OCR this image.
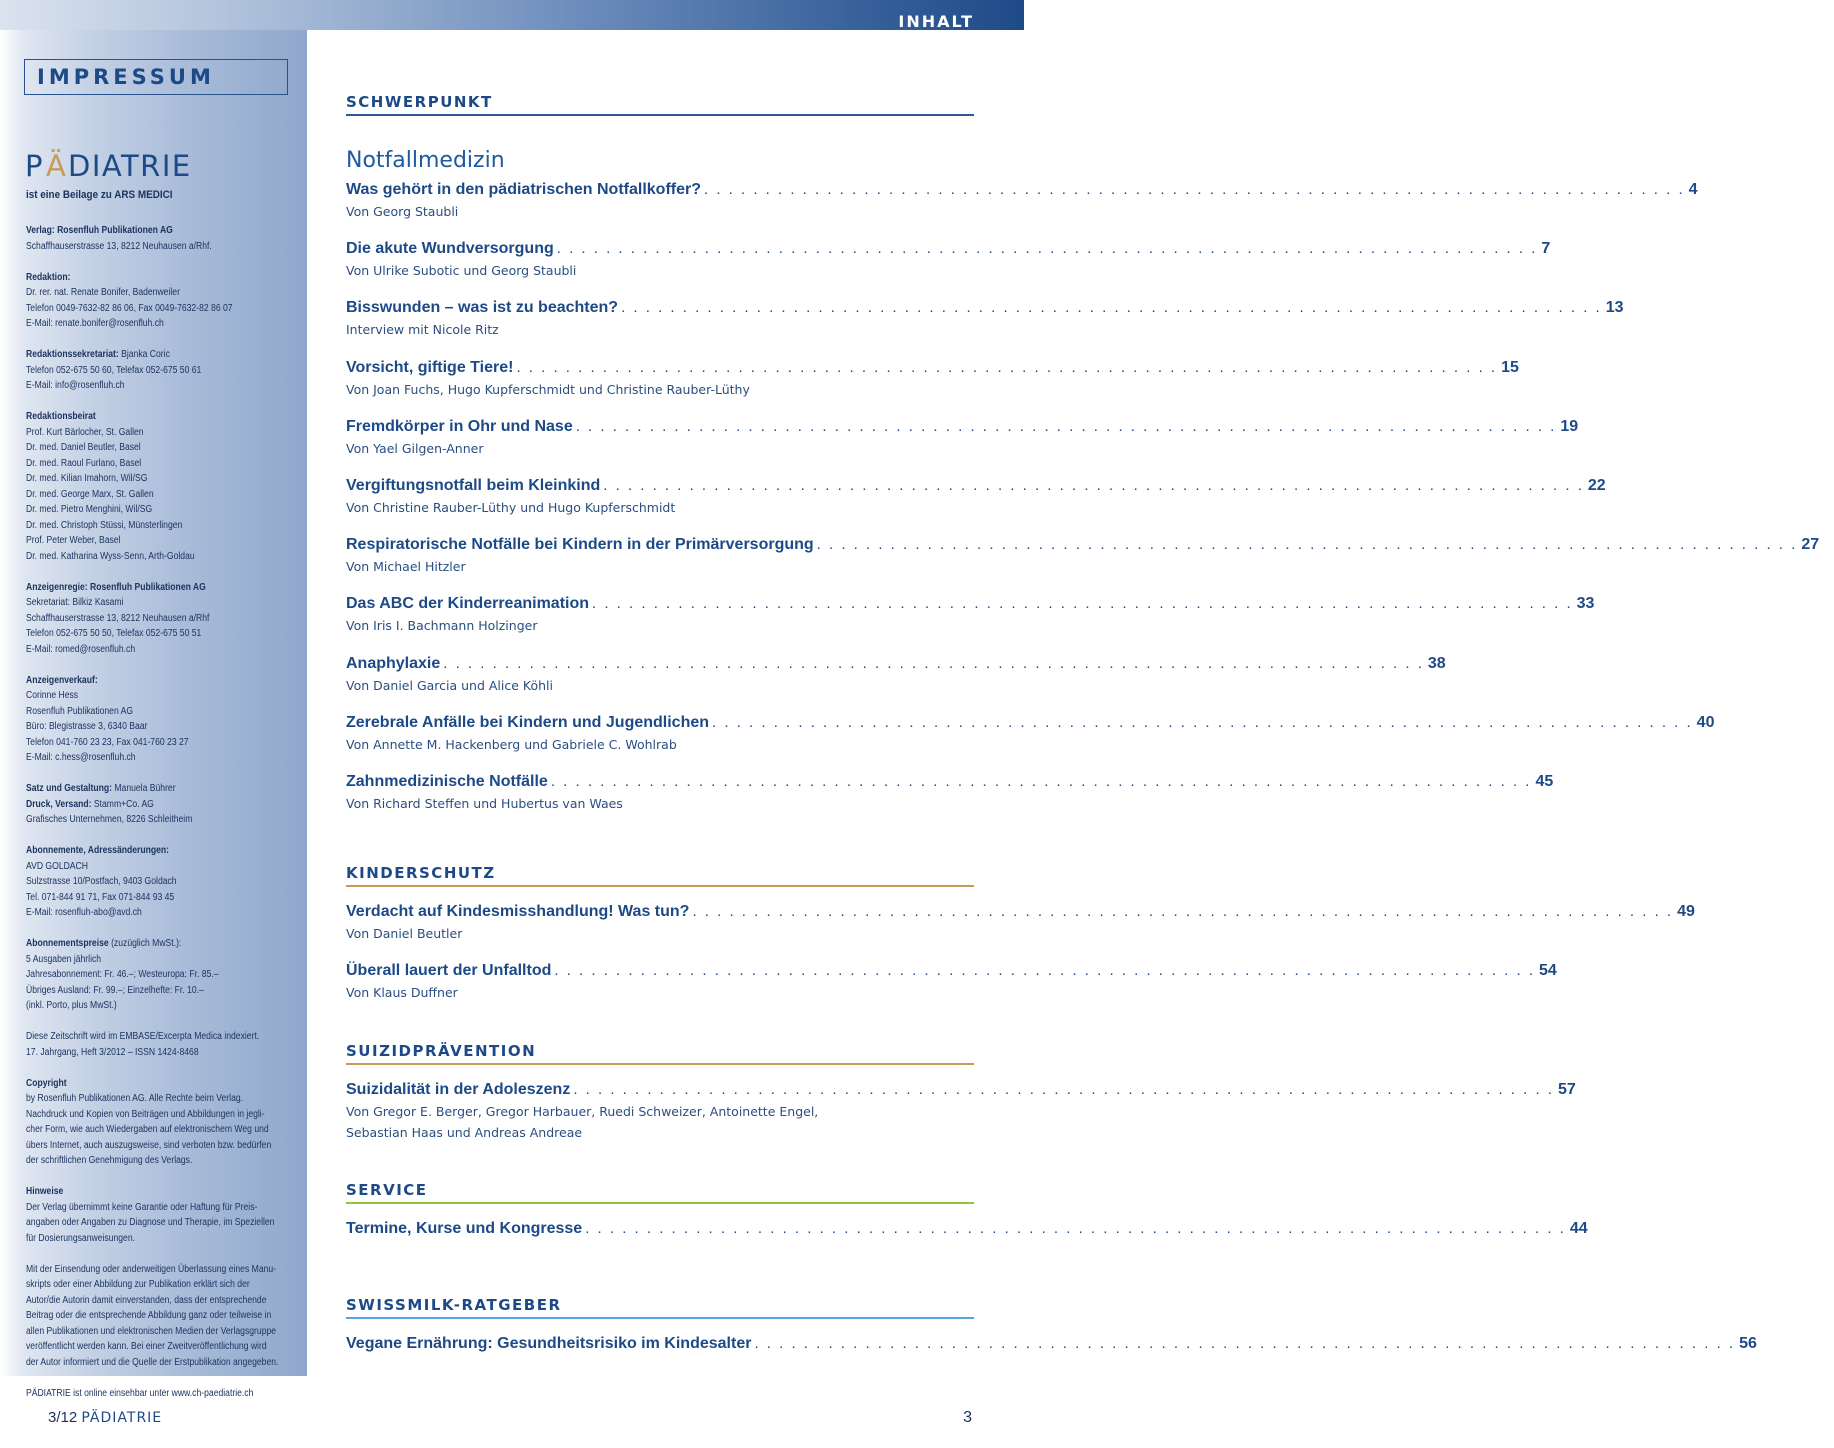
INHALT
IMPRESSUM
P Ä DIATRIE
ist eine Beilage zu ARS MEDICI
Verlag: Rosenfluh Publikationen AG
Schaffhauserstrasse 13, 8212 Neuhausen a/Rhf.
Redaktion:
Dr. rer. nat. Renate Bonifer, Badenweiler
Telefon 0049-7632-82 86 06, Fax 0049-7632-82 86 07
E-Mail: renate.bonifer@rosenfluh.ch
Redaktionssekretariat: Bjanka Coric
Telefon 052-675 50 60, Telefax 052-675 50 61
E-Mail: info@rosenfluh.ch
Redaktionsbeirat
Prof. Kurt Bärlocher, St. Gallen
Dr. med. Daniel Beutler, Basel
Dr. med. Raoul Furlano, Basel
Dr. med. Kilian Imahorn, Wil/SG
Dr. med. George Marx, St. Gallen
Dr. med. Pietro Menghini, Wil/SG
Dr. med. Christoph Stüssi, Münsterlingen
Prof. Peter Weber, Basel
Dr. med. Katharina Wyss-Senn, Arth-Goldau
Anzeigenregie: Rosenfluh Publikationen AG
Sekretariat: Bilkiz Kasami
Schaffhauserstrasse 13, 8212 Neuhausen a/Rhf
Telefon 052-675 50 50, Telefax 052-675 50 51
E-Mail: romed@rosenfluh.ch
Anzeigenverkauf:
Corinne Hess
Rosenfluh Publikationen AG
Büro: Blegistrasse 3, 6340 Baar
Telefon 041-760 23 23, Fax 041-760 23 27
E-Mail: c.hess@rosenfluh.ch
Satz und Gestaltung: Manuela Bührer
Druck, Versand: Stamm+Co. AG
Grafisches Unternehmen, 8226 Schleitheim
Abonnemente, Adressänderungen:
AVD GOLDACH
Sulzstrasse 10/Postfach, 9403 Goldach
Tel. 071-844 91 71, Fax 071-844 93 45
E-Mail: rosenfluh-abo@avd.ch
Abonnementspreise (zuzüglich MwSt.):
5 Ausgaben jährlich
Jahresabonnement: Fr. 46.–; Westeuropa: Fr. 85.–
Übriges Ausland: Fr. 99.–; Einzelhefte: Fr. 10.–
(inkl. Porto, plus MwSt.)
Diese Zeitschrift wird im EMBASE/Excerpta Medica indexiert.
17. Jahrgang, Heft 3/2012 – ISSN 1424-8468
Copyright
by Rosenfluh Publikationen AG. Alle Rechte beim Verlag.
Nachdruck und Kopien von Beiträgen und Abbildungen in jegli-
cher Form, wie auch Wiedergaben auf elektronischem Weg und
übers Internet, auch auszugsweise, sind verboten bzw. bedürfen
der schriftlichen Genehmigung des Verlags.
Hinweise
Der Verlag übernimmt keine Garantie oder Haftung für Preis-
angaben oder Angaben zu Diagnose und Therapie, im Speziellen
für Dosierungsanweisungen.
Mit der Einsendung oder anderweitigen Überlassung eines Manu-
skripts oder einer Abbildung zur Publikation erklärt sich der
Autor/die Autorin damit einverstanden, dass der entsprechende
Beitrag oder die entsprechende Abbildung ganz oder teilweise in
allen Publikationen und elektronischen Medien der Verlagsgruppe
veröffentlicht werden kann. Bei einer Zweitveröffentlichung wird
der Autor informiert und die Quelle der Erstpublikation angegeben.
PÄDIATRIE ist online einsehbar unter www.ch-paediatrie.ch
SCHWERPUNKT
Notfallmedizin
Was gehört in den pädiatrischen Notfallkoffer? . . . . . . . . . . . . . . . . . . . . . . . . . . . . . . . . . . . . . . . . . . . . . . . . . . . . . . . . . . . . . . . . . . . . . . . . . . . . . . . . 4
Von Georg Staubli
Die akute Wundversorgung . . . . . . . . . . . . . . . . . . . . . . . . . . . . . . . . . . . . . . . . . . . . . . . . . . . . . . . . . . . . . . . . . . . . . . . . . . . . . . . . 7
Von Ulrike Subotic und Georg Staubli
Bisswunden – was ist zu beachten? . . . . . . . . . . . . . . . . . . . . . . . . . . . . . . . . . . . . . . . . . . . . . . . . . . . . . . . . . . . . . . . . . . . . . . . . . . . . . . . . 13
Interview mit Nicole Ritz
Vorsicht, giftige Tiere! . . . . . . . . . . . . . . . . . . . . . . . . . . . . . . . . . . . . . . . . . . . . . . . . . . . . . . . . . . . . . . . . . . . . . . . . . . . . . . . . 15
Von Joan Fuchs, Hugo Kupferschmidt und Christine Rauber-Lüthy
Fremdkörper in Ohr und Nase . . . . . . . . . . . . . . . . . . . . . . . . . . . . . . . . . . . . . . . . . . . . . . . . . . . . . . . . . . . . . . . . . . . . . . . . . . . . . . . . 19
Von Yael Gilgen-Anner
Vergiftungsnotfall beim Kleinkind . . . . . . . . . . . . . . . . . . . . . . . . . . . . . . . . . . . . . . . . . . . . . . . . . . . . . . . . . . . . . . . . . . . . . . . . . . . . . . . . 22
Von Christine Rauber-Lüthy und Hugo Kupferschmidt
Respiratorische Notfälle bei Kindern in der Primärversorgung . . . . . . . . . . . . . . . . . . . . . . . . . . . . . . . . . . . . . . . . . . . . . . . . . . . . . . . . . . . . . . . . . . . . . . . . . . . . . . . . 27
Von Michael Hitzler
Das ABC der Kinderreanimation . . . . . . . . . . . . . . . . . . . . . . . . . . . . . . . . . . . . . . . . . . . . . . . . . . . . . . . . . . . . . . . . . . . . . . . . . . . . . . . . 33
Von Iris I. Bachmann Holzinger
Anaphylaxie . . . . . . . . . . . . . . . . . . . . . . . . . . . . . . . . . . . . . . . . . . . . . . . . . . . . . . . . . . . . . . . . . . . . . . . . . . . . . . . . 38
Von Daniel Garcia und Alice Köhli
Zerebrale Anfälle bei Kindern und Jugendlichen . . . . . . . . . . . . . . . . . . . . . . . . . . . . . . . . . . . . . . . . . . . . . . . . . . . . . . . . . . . . . . . . . . . . . . . . . . . . . . . . 40
Von Annette M. Hackenberg und Gabriele C. Wohlrab
Zahnmedizinische Notfälle . . . . . . . . . . . . . . . . . . . . . . . . . . . . . . . . . . . . . . . . . . . . . . . . . . . . . . . . . . . . . . . . . . . . . . . . . . . . . . . . 45
Von Richard Steffen und Hubertus van Waes
KINDERSCHUTZ
Verdacht auf Kindesmisshandlung! Was tun? . . . . . . . . . . . . . . . . . . . . . . . . . . . . . . . . . . . . . . . . . . . . . . . . . . . . . . . . . . . . . . . . . . . . . . . . . . . . . . . . 49
Von Daniel Beutler
Überall lauert der Unfalltod . . . . . . . . . . . . . . . . . . . . . . . . . . . . . . . . . . . . . . . . . . . . . . . . . . . . . . . . . . . . . . . . . . . . . . . . . . . . . . . . 54
Von Klaus Duffner
SUIZIDPRÄVENTION
Suizidalität in der Adoleszenz . . . . . . . . . . . . . . . . . . . . . . . . . . . . . . . . . . . . . . . . . . . . . . . . . . . . . . . . . . . . . . . . . . . . . . . . . . . . . . . . 57
Von Gregor E. Berger, Gregor Harbauer, Ruedi Schweizer, Antoinette Engel,
Sebastian Haas und Andreas Andreae
SERVICE
Termine, Kurse und Kongresse . . . . . . . . . . . . . . . . . . . . . . . . . . . . . . . . . . . . . . . . . . . . . . . . . . . . . . . . . . . . . . . . . . . . . . . . . . . . . . . . 44
SWISSMILK-RATGEBER
Vegane Ernährung: Gesundheitsrisiko im Kindesalter . . . . . . . . . . . . . . . . . . . . . . . . . . . . . . . . . . . . . . . . . . . . . . . . . . . . . . . . . . . . . . . . . . . . . . . . . . . . . . . . 56
3/12 PÄDIATRIE	3
